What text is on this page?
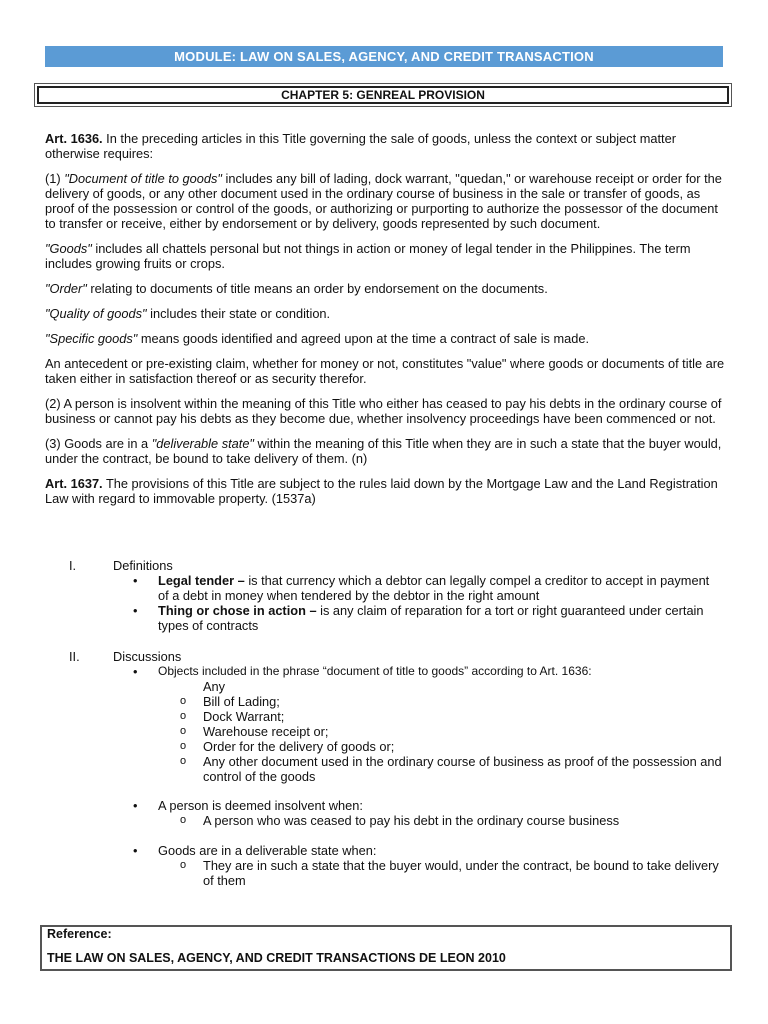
MODULE: LAW ON SALES, AGENCY, AND CREDIT TRANSACTION
CHAPTER 5: GENREAL PROVISION

Art. 1636. In the preceding articles in this Title governing the sale of goods, unless the context or subject matter otherwise requires:

(1) "Document of title to goods" includes any bill of lading, dock warrant, "quedan," or warehouse receipt or order for the delivery of goods, or any other document used in the ordinary course of business in the sale or transfer of goods, as proof of the possession or control of the goods, or authorizing or purporting to authorize the possessor of the document to transfer or receive, either by endorsement or by delivery, goods represented by such document.

"Goods" includes all chattels personal but not things in action or money of legal tender in the Philippines. The term includes growing fruits or crops.

"Order" relating to documents of title means an order by endorsement on the documents.

"Quality of goods" includes their state or condition.

"Specific goods" means goods identified and agreed upon at the time a contract of sale is made.

An antecedent or pre-existing claim, whether for money or not, constitutes "value" where goods or documents of title are taken either in satisfaction thereof or as security therefor.

(2) A person is insolvent within the meaning of this Title who either has ceased to pay his debts in the ordinary course of business or cannot pay his debts as they become due, whether insolvency proceedings have been commenced or not.

(3) Goods are in a "deliverable state" within the meaning of this Title when they are in such a state that the buyer would, under the contract, be bound to take delivery of them. (n)

Art. 1637. The provisions of this Title are subject to the rules laid down by the Mortgage Law and the Land Registration Law with regard to immovable property. (1537a)

I.	Definitions
• Legal tender – is that currency which a debtor can legally compel a creditor to accept in payment of a debt in money when tendered by the debtor in the right amount
• Thing or chose in action – is any claim of reparation for a tort or right guaranteed under certain types of contracts
II.	Discussions
• Objects included in the phrase “document of title to goods” according to Art. 1636:
Any
o Bill of Lading;
o Dock Warrant;
o Warehouse receipt or;
o Order for the delivery of goods or;
o Any other document used in the ordinary course of business as proof of the possession and control of the goods
• A person is deemed insolvent when:
o A person who was ceased to pay his debt in the ordinary course business
• Goods are in a deliverable state when:
o They are in such a state that the buyer would, under the contract, be bound to take delivery of them
Reference:
THE LAW ON SALES, AGENCY, AND CREDIT TRANSACTIONS DE LEON 2010
